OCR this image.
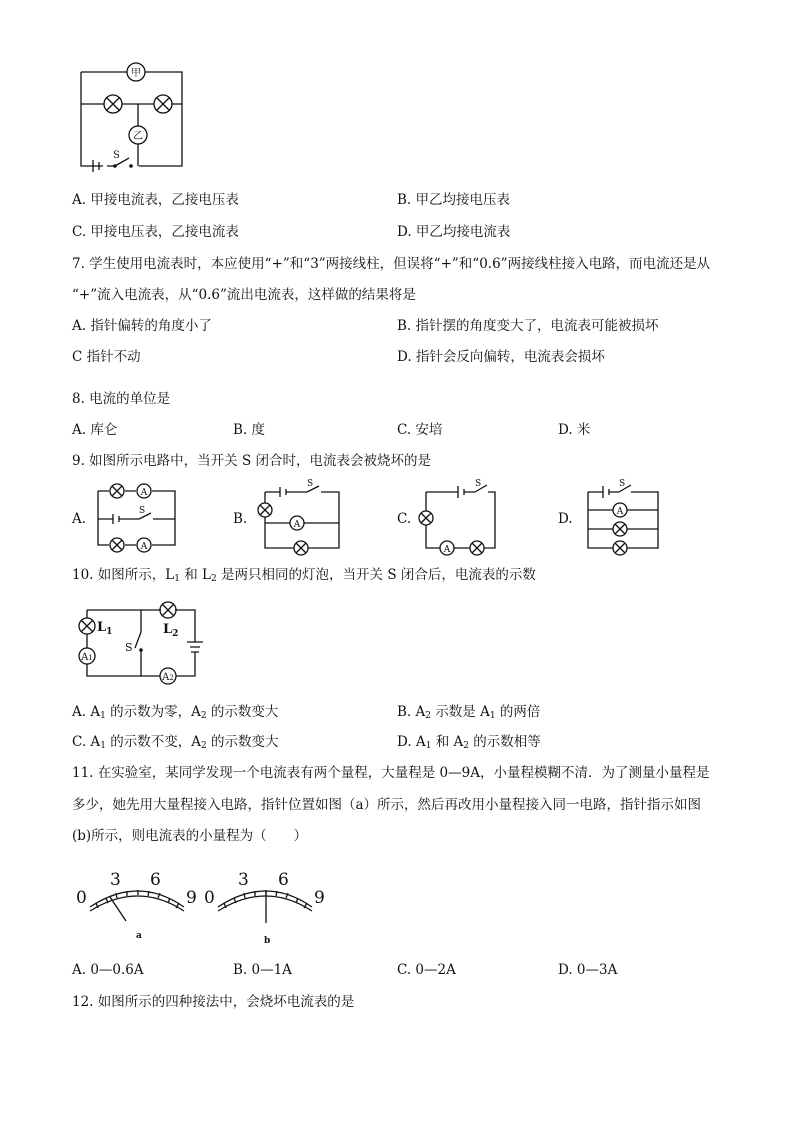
甲
乙
S
A. 甲接电流表，乙接电压表	B. 甲乙均接电压表
C. 甲接电压表，乙接电流表	D. 甲乙均接电流表
7. 学生使用电流表时，本应使用“+”和“3”两接线柱，但误将“+”和“0.6”两接线柱接入电路，而电流还是从
“+”流入电流表，从“0.6”流出电流表，这样做的结果将是
A. 指针偏转的角度小了	B. 指针摆的角度变大了，电流表可能被损坏
C 指针不动	D. 指针会反向偏转，电流表会损坏
8. 电流的单位是
A. 库仑	B. 度	C. 安培	D. 米
9. 如图所示电路中，当开关 S 闭合时，电流表会被烧坏的是
A.
A
A
S	B.
S
A	C.
S
A
D.
S
A
10. 如图所示，$L_1$ 和 $L_2$ 是两只相同的灯泡，当开关 S 闭合后，电流表的示数
$L_1$
A1
$L_2$
S
A2
A. $A_1$ 的示数为零，$A_2$ 的示数变大	B. $A_2$ 示数是 $A_1$ 的两倍
C. $A_1$ 的示数不变，$A_2$ 的示数变大	D. $A_1$ 和 $A_2$ 的示数相等
11. 在实验室，某同学发现一个电流表有两个量程，大量程是 0—9A，小量程模糊不清．为了测量小量程是
多少，她先用大量程接入电路，指针位置如图（a）所示，然后再改用小量程接入同一电路，指针指示如图
(b)所示，则电流表的小量程为（　　）
0
3 6
9
a
0
3 6
9
b
A. 0—0.6A	B. 0—1A	C. 0—2A	D. 0—3A
12. 如图所示的四种接法中，会烧坏电流表的是
